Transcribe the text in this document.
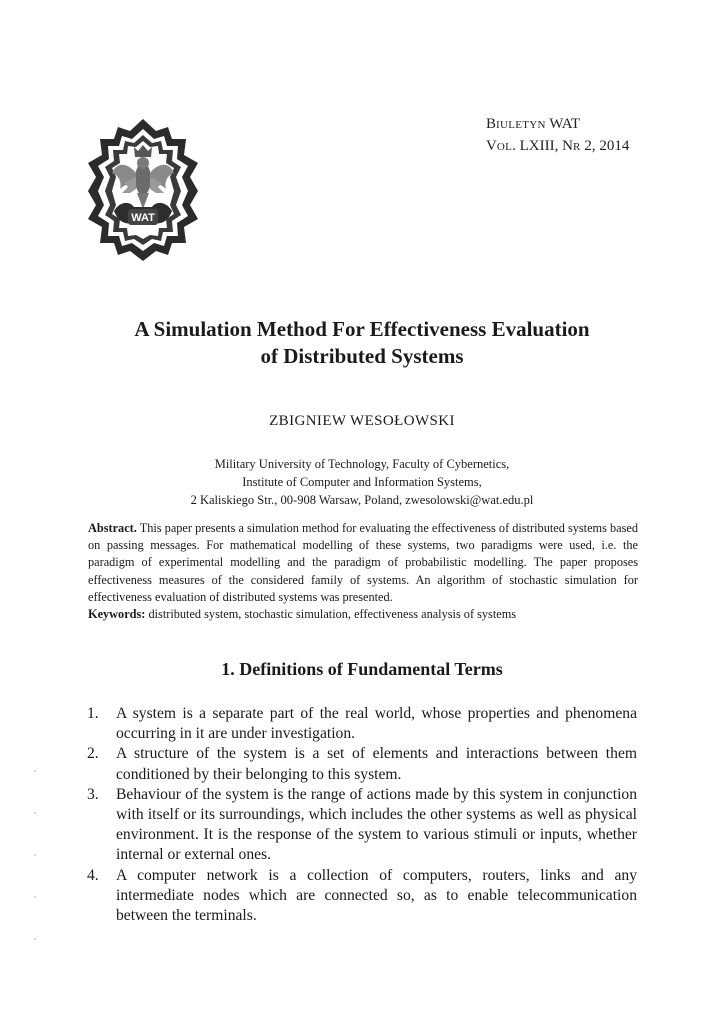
WAT
BIULETYN WAT
VOL. LXIII, NR 2, 2014
A Simulation Method For Effectiveness Evaluation
of Distributed Systems
ZBIGNIEW WESOŁOWSKI
Military University of Technology, Faculty of Cybernetics,
Institute of Computer and Information Systems,
2 Kaliskiego Str., 00-908 Warsaw, Poland, zwesolowski@wat.edu.pl

Abstract. This paper presents a simulation method for evaluating the effectiveness of distributed systems based on passing messages. For mathematical modelling of these systems, two paradigms were used, i.e. the paradigm of experimental modelling and the paradigm of probabilistic modelling. The paper proposes effectiveness measures of the considered family of systems. An algorithm of stochastic simulation for effectiveness evaluation of distributed systems was presented.

Keywords: distributed system, stochastic simulation, effectiveness analysis of systems

1. Definitions of Fundamental Terms
1. A system is a separate part of the real world, whose properties and phenomena occurring in it are under investigation.
2. A structure of the system is a set of elements and interactions between them conditioned by their belonging to this system.
3. Behaviour of the system is the range of actions made by this system in conjunction with itself or its surroundings, which includes the other systems as well as physical environment. It is the response of the system to various stimuli or inputs, whether internal or external ones.
4. A computer network is a collection of computers, routers, links and any intermediate nodes which are connected so, as to enable telecommunication between the terminals.
